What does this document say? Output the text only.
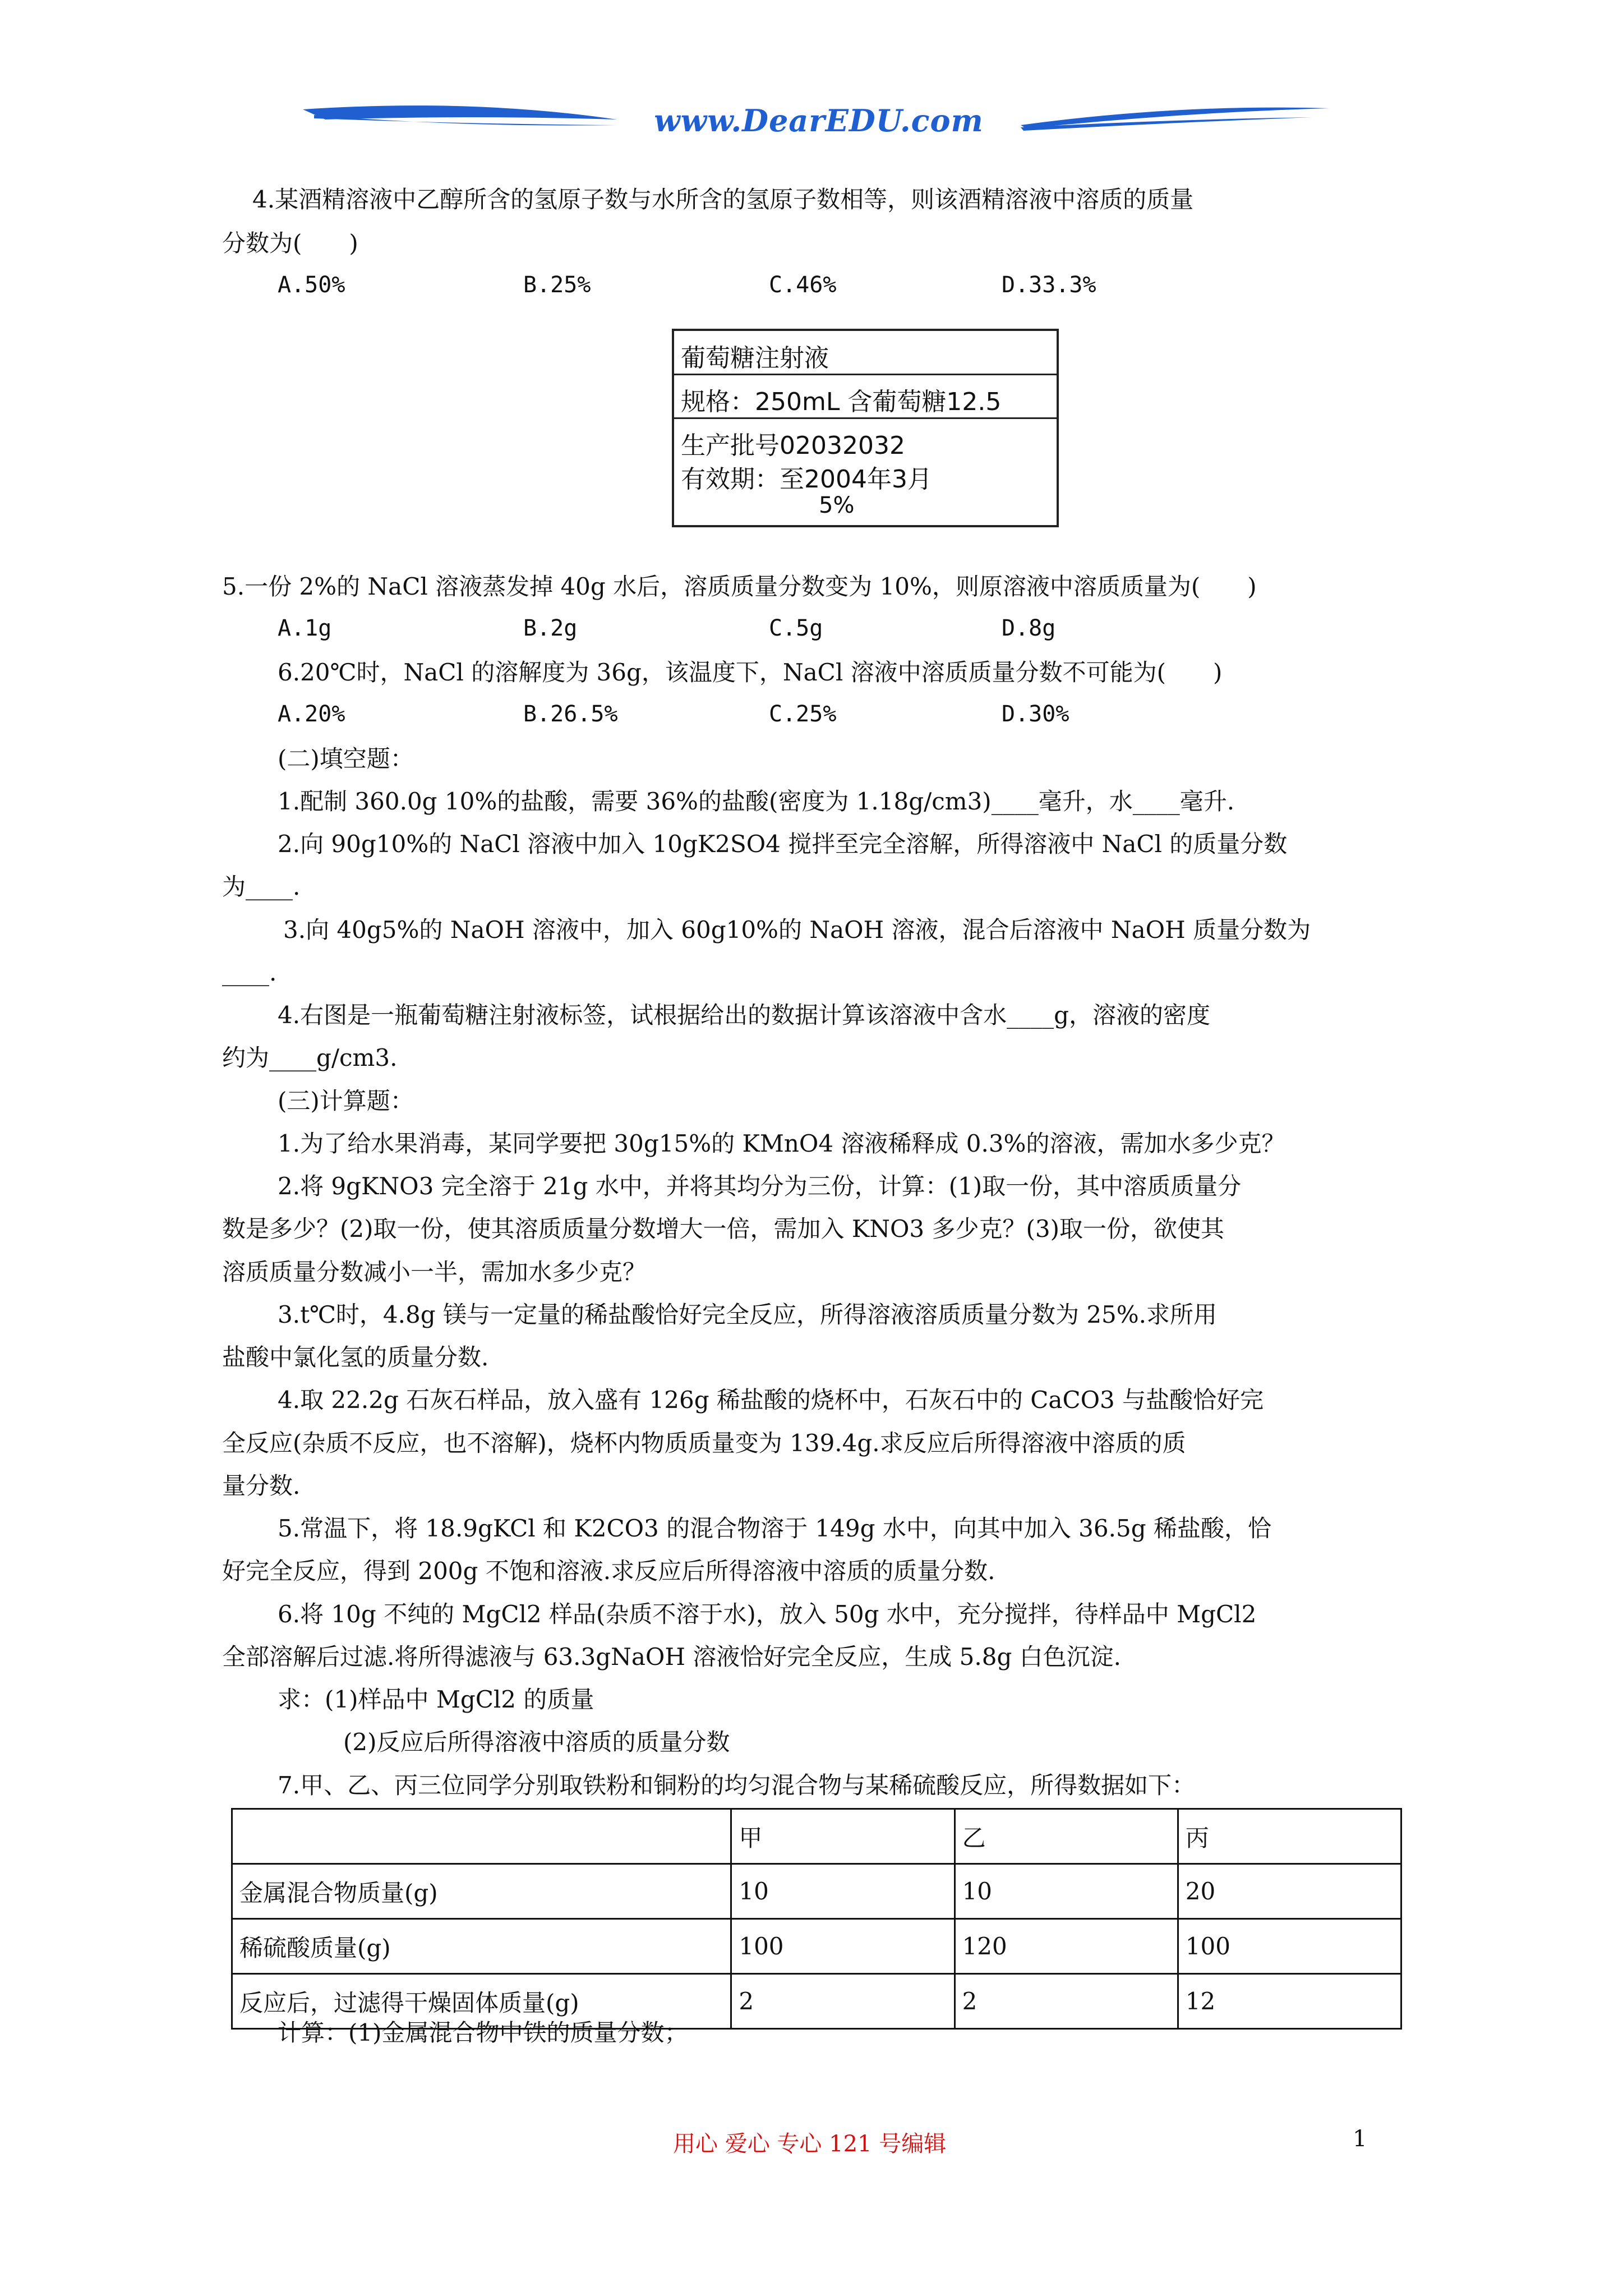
www.DearEDU.com
4.某酒精溶液中乙醇所含的氢原子数与水所含的氢原子数相等，则该酒精溶液中溶质的质量
分数为(　　)
A.50%	B.25%	C.46%	D.33.3%
葡萄糖注射液
规格：250mL 含葡萄糖12.5
生产批号02032032
有效期：至2004年3月
5%
5.一份 2%的 NaCl 溶液蒸发掉 40g 水后，溶质质量分数变为 10%，则原溶液中溶质质量为(　　)
A.1g	B.2g	C.5g	D.8g
6.20℃时，NaCl 的溶解度为 36g，该温度下，NaCl 溶液中溶质质量分数不可能为(　　)
A.20%	B.26.5%	C.25%	D.30%
(二)填空题：
1.配制 360.0g 10%的盐酸，需要 36%的盐酸(密度为 1.18g/cm3)____毫升，水____毫升.
2.向 90g10%的 NaCl 溶液中加入 10gK2SO4 搅拌至完全溶解，所得溶液中 NaCl 的质量分数
为____.
3.向 40g5%的 NaOH 溶液中，加入 60g10%的 NaOH 溶液，混合后溶液中 NaOH 质量分数为
____.
4.右图是一瓶葡萄糖注射液标签，试根据给出的数据计算该溶液中含水____g，溶液的密度
约为____g/cm3.
(三)计算题：
1.为了给水果消毒，某同学要把 30g15%的 KMnO4 溶液稀释成 0.3%的溶液，需加水多少克？
2.将 9gKNO3 完全溶于 21g 水中，并将其均分为三份，计算：(1)取一份，其中溶质质量分
数是多少？(2)取一份，使其溶质质量分数增大一倍，需加入 KNO3 多少克？(3)取一份，欲使其
溶质质量分数减小一半，需加水多少克？
3.t℃时，4.8g 镁与一定量的稀盐酸恰好完全反应，所得溶液溶质质量分数为 25%.求所用
盐酸中氯化氢的质量分数.
4.取 22.2g 石灰石样品，放入盛有 126g 稀盐酸的烧杯中，石灰石中的 CaCO3 与盐酸恰好完
全反应(杂质不反应，也不溶解)，烧杯内物质质量变为 139.4g.求反应后所得溶液中溶质的质
量分数.
5.常温下，将 18.9gKCl 和 K2CO3 的混合物溶于 149g 水中，向其中加入 36.5g 稀盐酸，恰
好完全反应，得到 200g 不饱和溶液.求反应后所得溶液中溶质的质量分数.
6.将 10g 不纯的 MgCl2 样品(杂质不溶于水)，放入 50g 水中，充分搅拌，待样品中 MgCl2
全部溶解后过滤.将所得滤液与 63.3gNaOH 溶液恰好完全反应，生成 5.8g 白色沉淀.
求：(1)样品中 MgCl2 的质量
(2)反应后所得溶液中溶质的质量分数
7.甲、乙、丙三位同学分别取铁粉和铜粉的均匀混合物与某稀硫酸反应，所得数据如下：
	甲	乙	丙
金属混合物质量(g)	10	10	20
稀硫酸质量(g)	100	120	100
反应后，过滤得干燥固体质量(g)	2	2	12
计算：(1)金属混合物中铁的质量分数；
用心 爱心 专心 121 号编辑	1
